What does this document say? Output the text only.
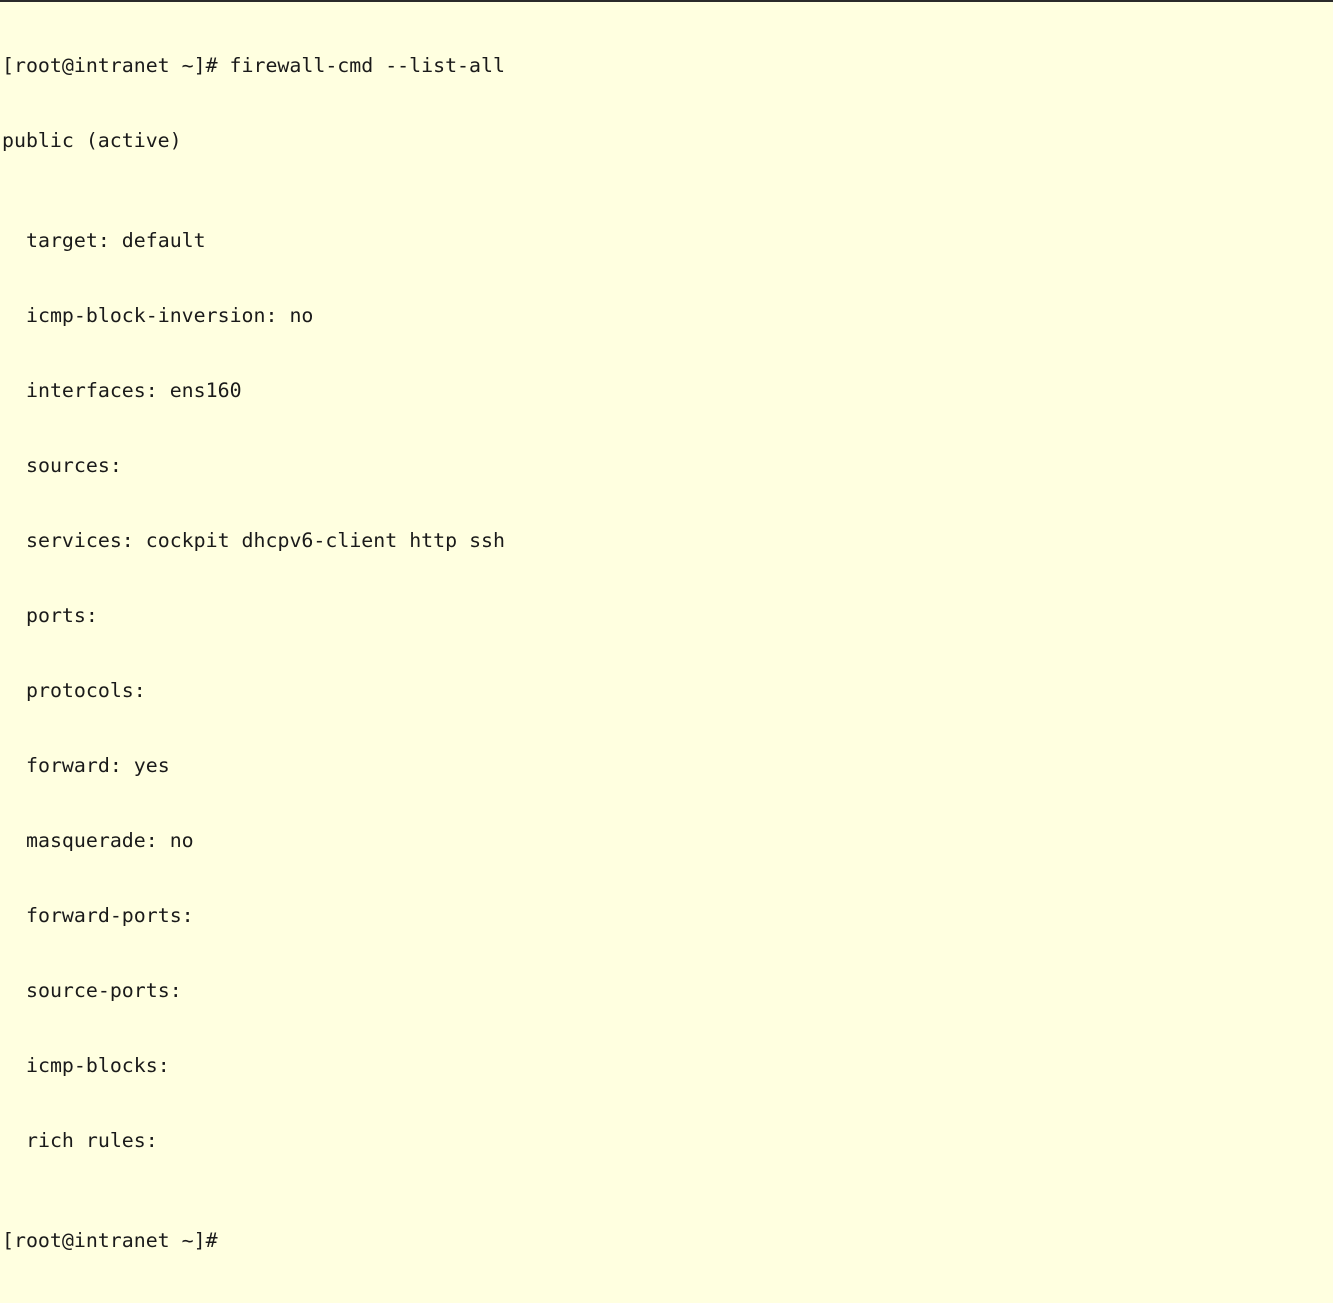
[root@intranet ~]# firewall-cmd --list-all

public (active)

target: default

icmp-block-inversion: no

interfaces: ens160

sources:

services: cockpit dhcpv6-client http ssh

ports:

protocols:

forward: yes

masquerade: no

forward-ports:

source-ports:

icmp-blocks:

rich rules:

[root@intranet ~]#
